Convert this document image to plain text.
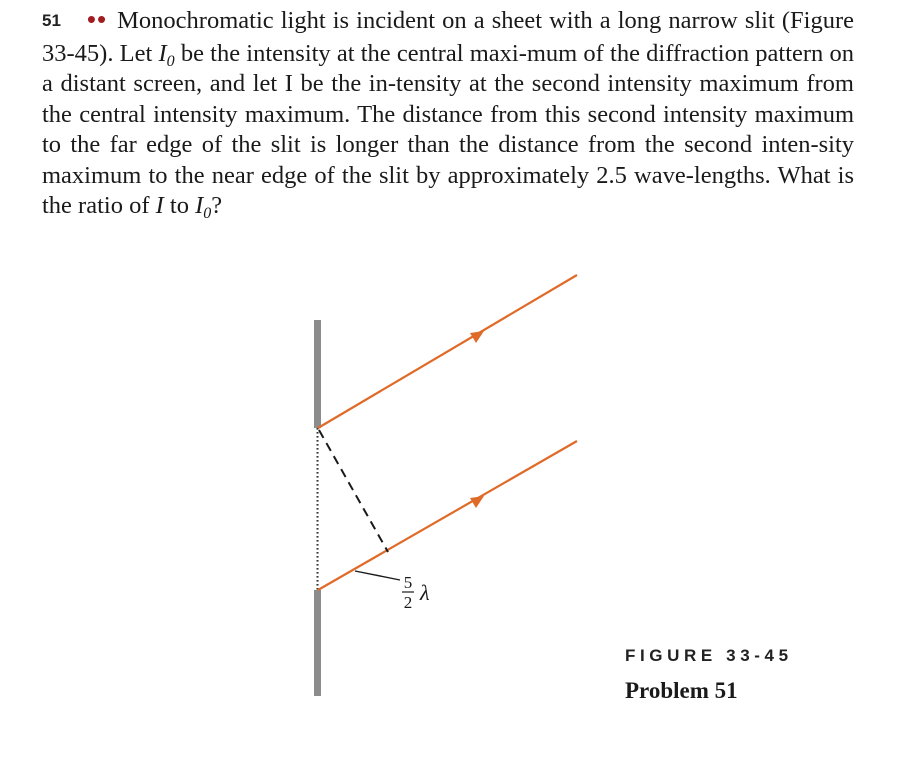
51 •• Monochromatic light is incident on a sheet with a long narrow slit (Figure 33-45). Let $I_0$ be the intensity at the central maxi-mum of the diffraction pattern on a distant screen, and let I be the in-tensity at the second intensity maximum from the central intensity maximum. The distance from this second intensity maximum to the far edge of the slit is longer than the distance from the second inten-sity maximum to the near edge of the slit by approximately 2.5 wave-lengths. What is the ratio of I to $I_0$?
5
2 λ
FIGURE 33-45
Problem 51
